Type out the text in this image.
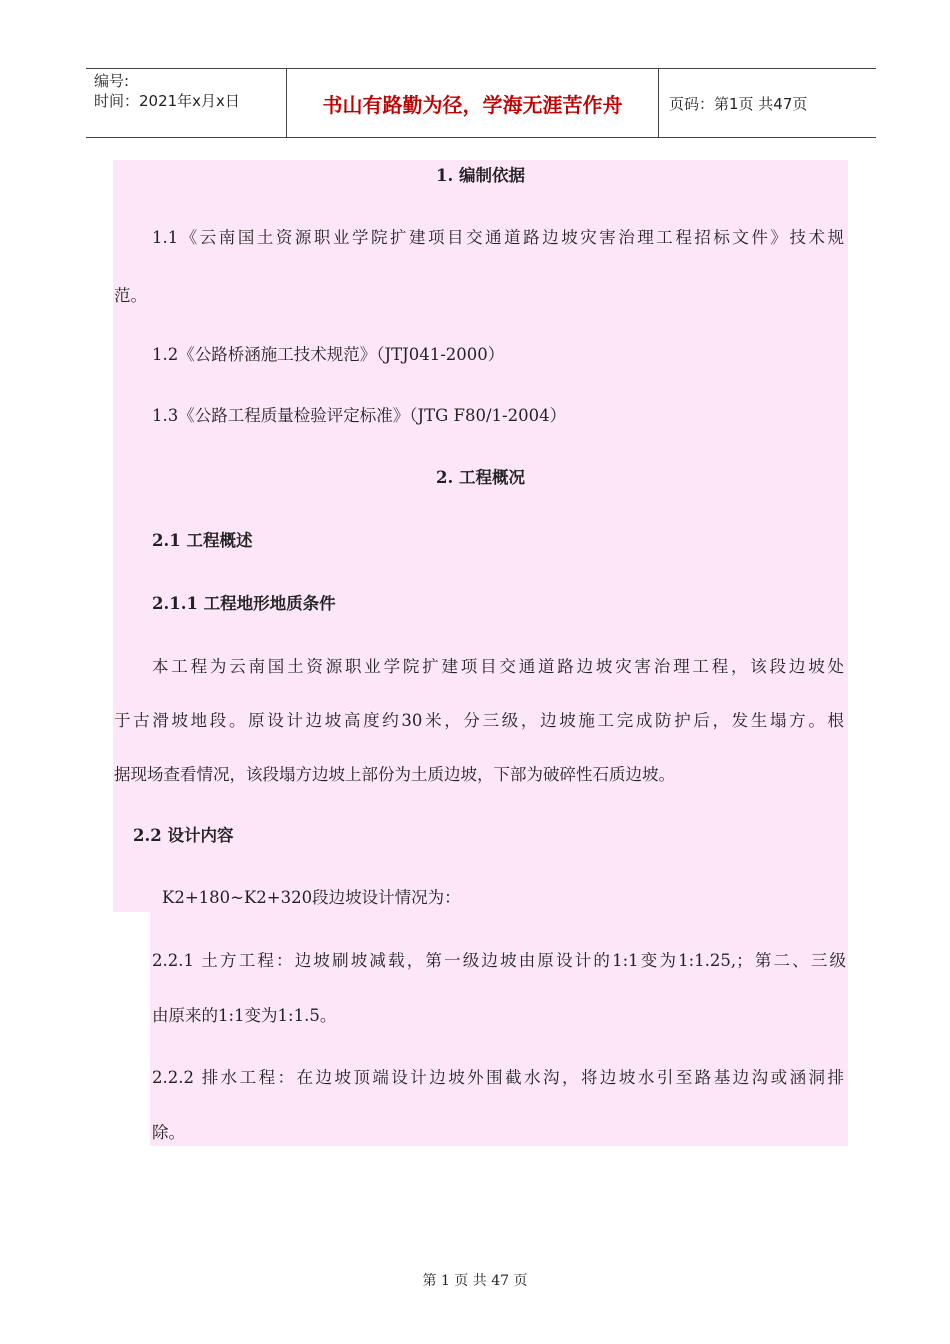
编号:
时间：2021年x月x日	书山有路勤为径，学海无涯苦作舟	页码：第1页 共47页
1. 编制依据
1.1《云南国土资源职业学院扩建项目交通道路边坡灾害治理工程招标文件》技术规
范。
1.2《公路桥涵施工技术规范》（JTJ041-2000）
1.3《公路工程质量检验评定标准》（JTG F80/1-2004）
2. 工程概况
2.1 工程概述
2.1.1 工程地形地质条件
本工程为云南国土资源职业学院扩建项目交通道路边坡灾害治理工程，该段边坡处
于古滑坡地段。原设计边坡高度约30米，分三级，边坡施工完成防护后，发生塌方。根
据现场查看情况，该段塌方边坡上部份为土质边坡，下部为破碎性石质边坡。
2.2 设计内容
K2+180~K2+320段边坡设计情况为：
2.2.1 土方工程：边坡刷坡减载，第一级边坡由原设计的1:1变为1:1.25,；第二、三级
由原来的1:1变为1:1.5。
2.2.2 排水工程：在边坡顶端设计边坡外围截水沟，将边坡水引至路基边沟或涵洞排
除。
第 1 页 共 47 页
